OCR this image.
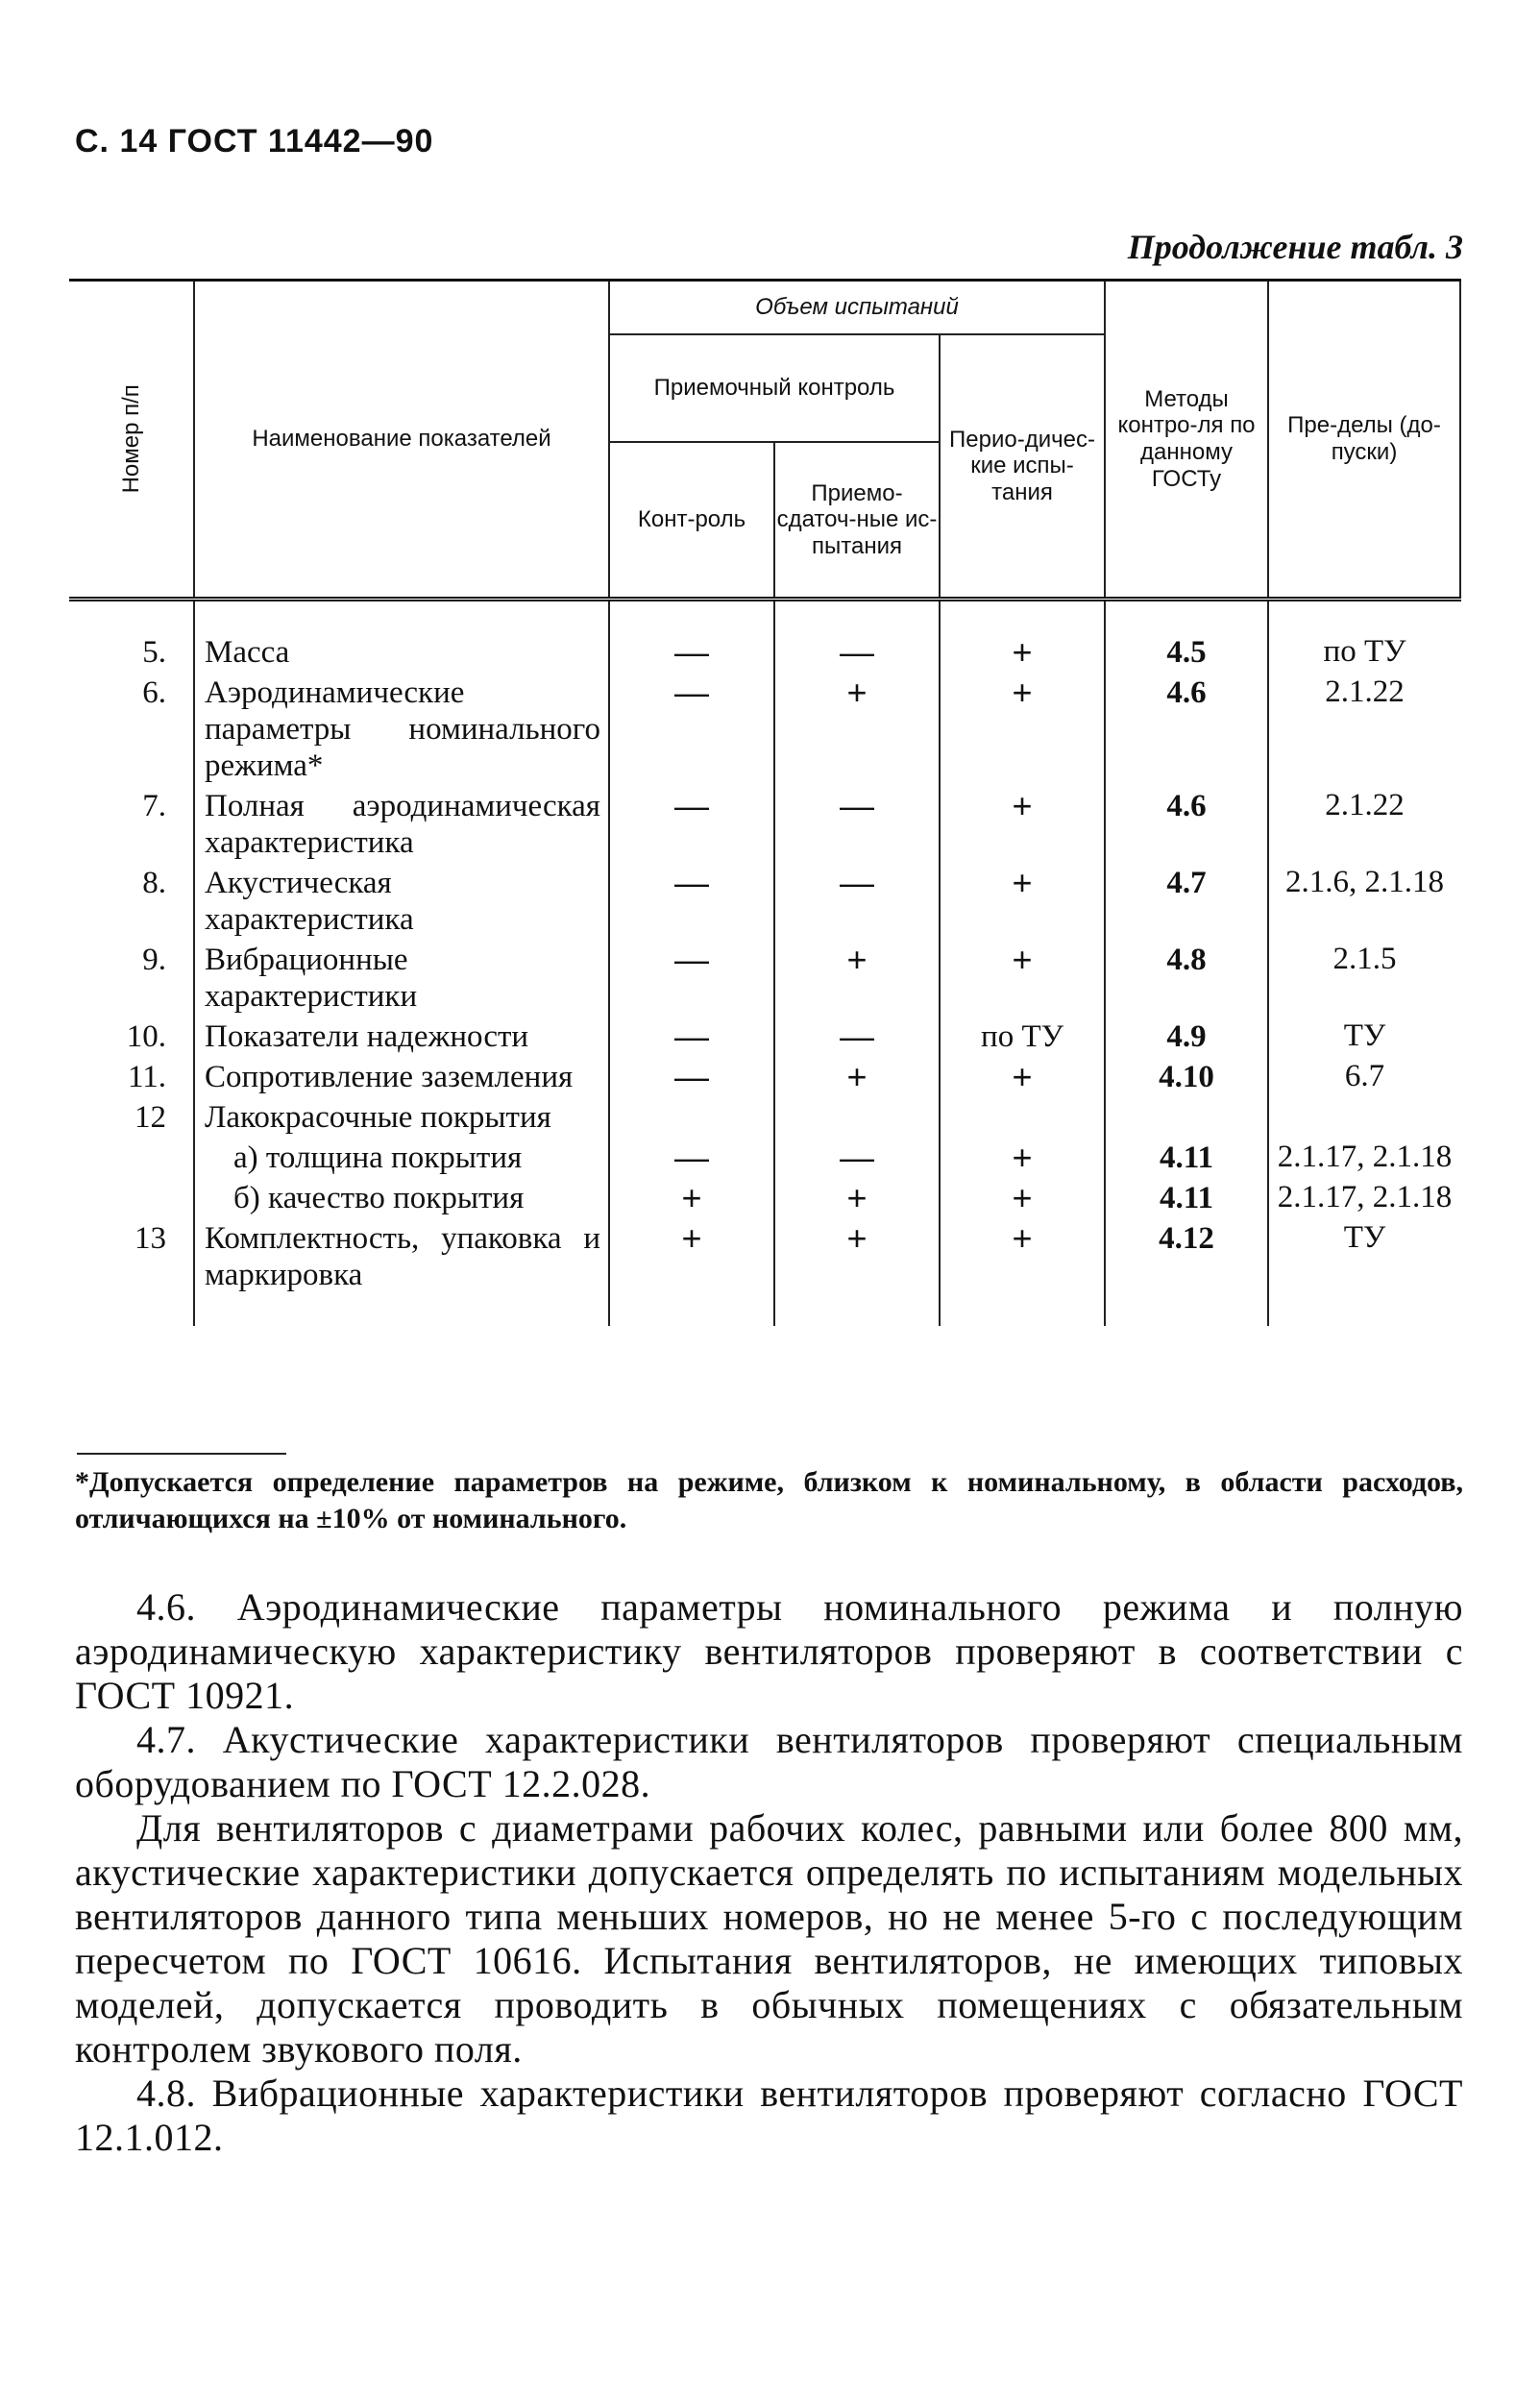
С. 14 ГОСТ 11442—90
Продолжение табл. 3
Номер п/п	Наименование показателей	Объем испытаний			Методы контро-ля по данному ГОСТу	Пре-делы (до-пуски)
		Приемочный контроль		Перио-дичес-кие испы-тания		
		Конт-роль	Приемо-сдаточ-ные ис-пытания			
5.	Масса	—	—	+	4.5	по ТУ
6.	Аэродинамические параметры номинального режима*	—	+	+	4.6	2.1.22
7.	Полная аэродинамическая характеристика	—	—	+	4.6	2.1.22
8.	Акустическая характеристика	—	—	+	4.7	2.1.6, 2.1.18
9.	Вибрационные характеристики	—	+	+	4.8	2.1.5
10.	Показатели надежности	—	—	по ТУ	4.9	ТУ
11.	Сопротивление заземления	—	+	+	4.10	6.7
12	Лакокрасочные покрытия					
	а) толщина покрытия	—	—	+	4.11	2.1.17, 2.1.18
	б) качество покрытия	+	+	+	4.11	2.1.17, 2.1.18
13	Комплектность, упаковка и маркировка	+	+	+	4.12	ТУ
*Допускается определение параметров на режиме, близком к номинальному, в области расходов, отличающихся на ±10% от номинального.

4.6. Аэродинамические параметры номинального режима и полную аэродинамическую характеристику вентиляторов проверяют в соответствии с ГОСТ 10921.

4.7. Акустические характеристики вентиляторов проверяют специальным оборудованием по ГОСТ 12.2.028.

Для вентиляторов с диаметрами рабочих колес, равными или более 800 мм, акустические характеристики допускается определять по испытаниям модельных вентиляторов данного типа меньших номеров, но не менее 5-го с последующим пересчетом по ГОСТ 10616. Испытания вентиляторов, не имеющих типовых моделей, допускается проводить в обычных помещениях с обязательным контролем звукового поля.

4.8. Вибрационные характеристики вентиляторов проверяют согласно ГОСТ 12.1.012.
